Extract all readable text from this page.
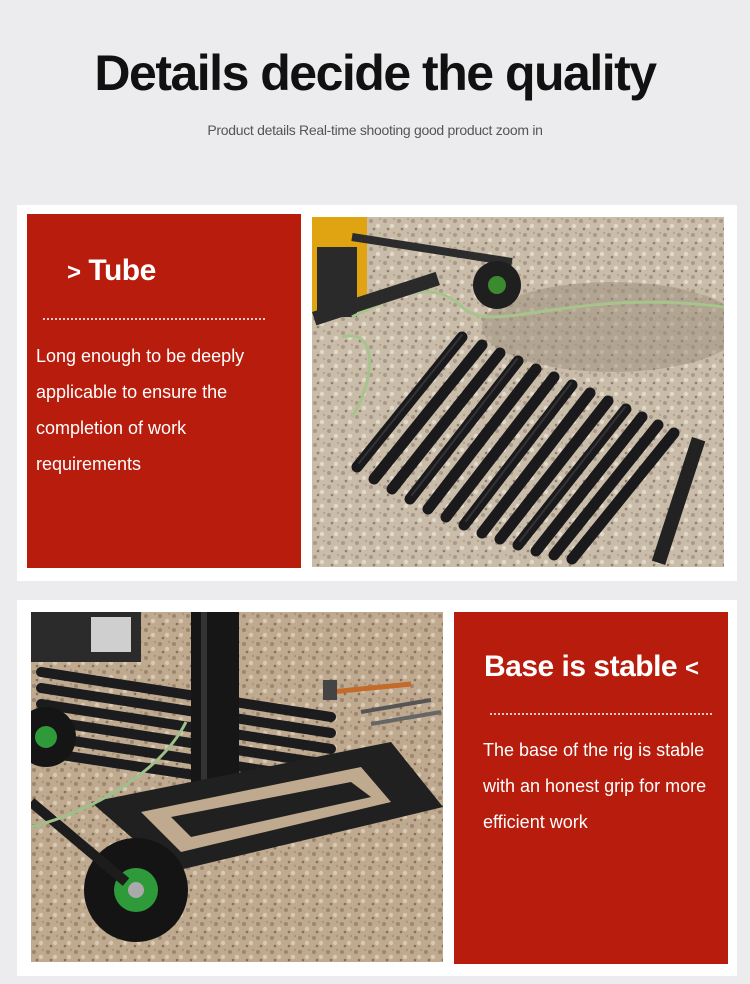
Details decide the quality
Product details Real-time shooting good product zoom in
> Tube
Long enough to be deeply applicable to ensure the completion of work requirements
Base is stable <
The base of the rig is stable with an honest grip for more efficient work
